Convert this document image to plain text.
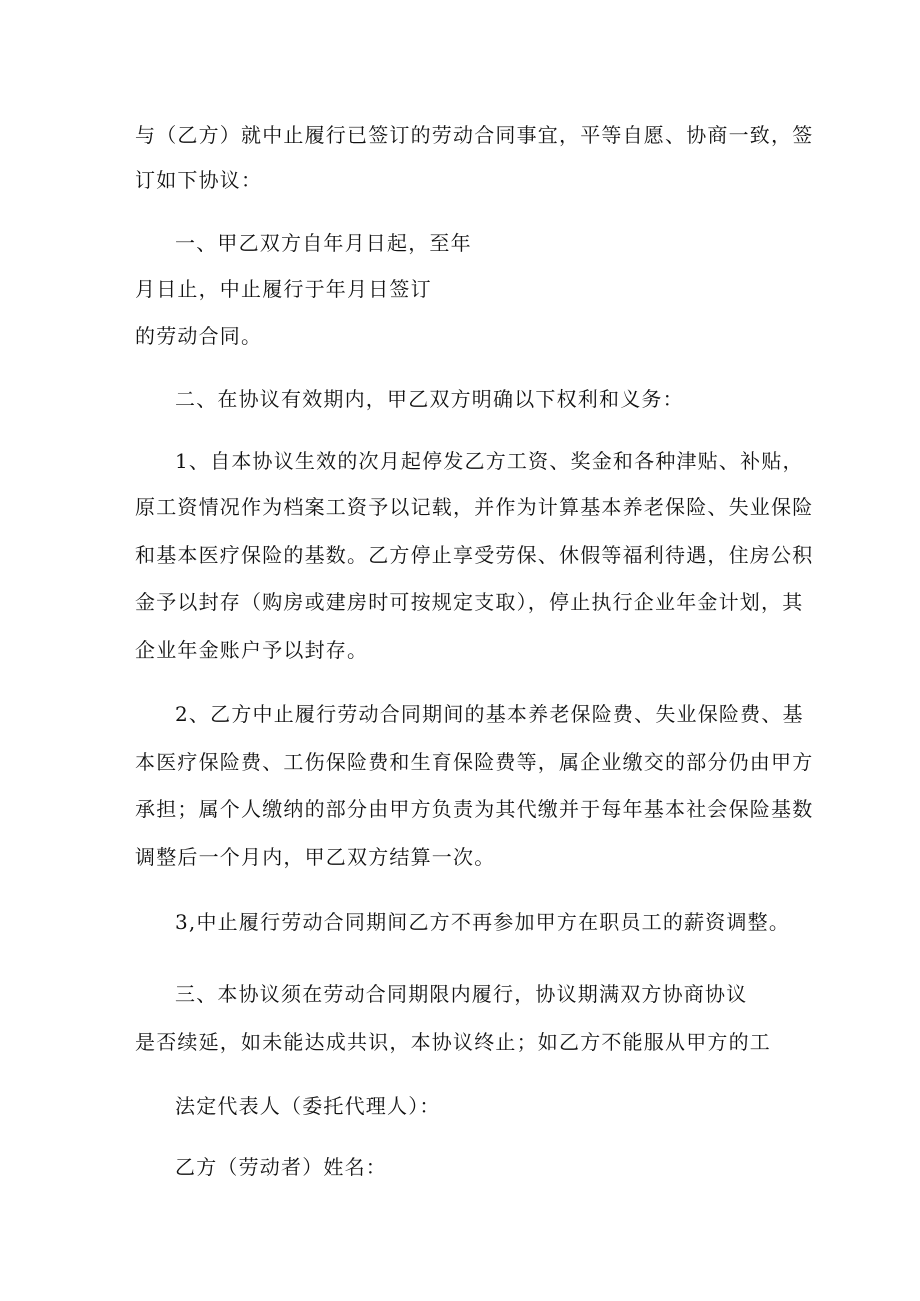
与（乙方）就中止履行已签订的劳动合同事宜，平等自愿、协商一致，签
订如下协议：
一、甲乙双方自年月日起，至年
月日止，中止履行于年月日签订
的劳动合同。
二、在协议有效期内，甲乙双方明确以下权利和义务：
1、自本协议生效的次月起停发乙方工资、奖金和各种津贴、补贴，
原工资情况作为档案工资予以记载，并作为计算基本养老保险、失业保险
和基本医疗保险的基数。乙方停止享受劳保、休假等福利待遇，住房公积
金予以封存（购房或建房时可按规定支取），停止执行企业年金计划，其
企业年金账户予以封存。
2、乙方中止履行劳动合同期间的基本养老保险费、失业保险费、基
本医疗保险费、工伤保险费和生育保险费等，属企业缴交的部分仍由甲方
承担；属个人缴纳的部分由甲方负责为其代缴并于每年基本社会保险基数
调整后一个月内，甲乙双方结算一次。
3,中止履行劳动合同期间乙方不再参加甲方在职员工的薪资调整。
三、本协议须在劳动合同期限内履行，协议期满双方协商协议
是否续延，如未能达成共识，本协议终止；如乙方不能服从甲方的工
法定代表人（委托代理人）：
乙方（劳动者）姓名：
